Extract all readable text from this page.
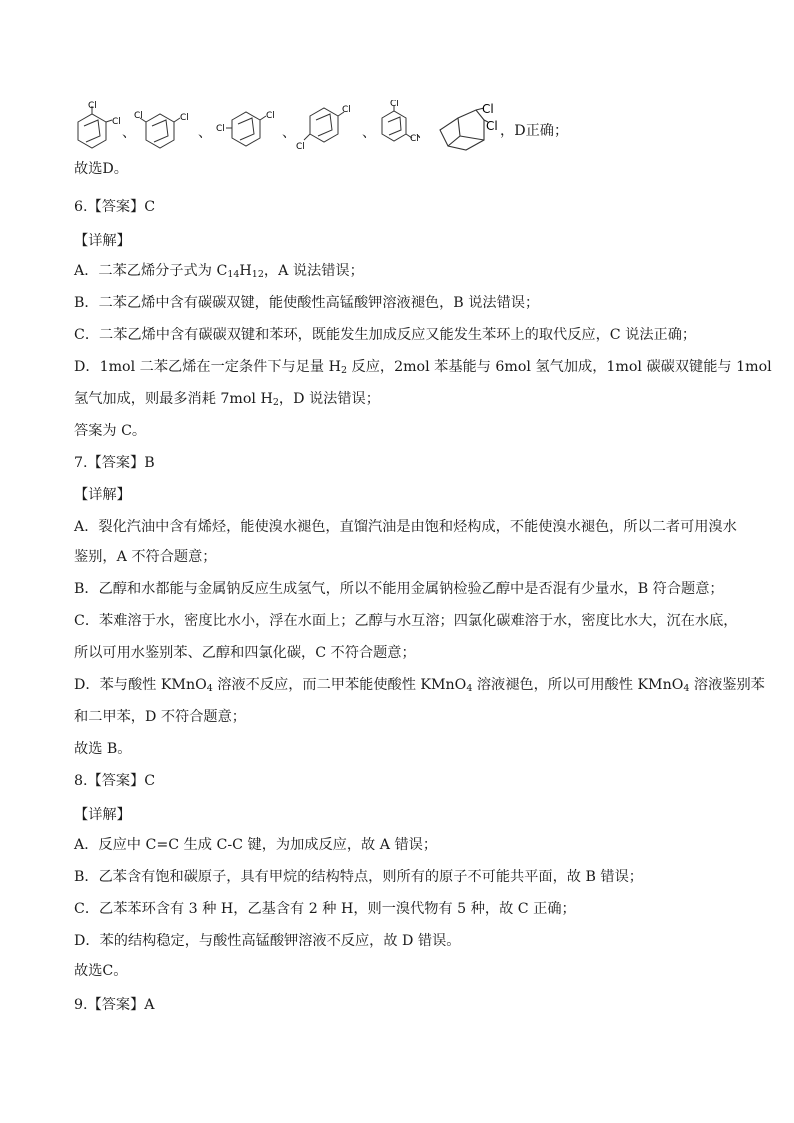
Cl
Cl
、
Cl	Cl
、 Cl
Cl
、
Cl
Cl
、
Cl
Cl
、
Cl
Cl ，D正确；
故选D。
6.【答案】C
【详解】
A．二苯乙烯分子式为 $C_{14}H_{12}$，A 说法错误；
B．二苯乙烯中含有碳碳双键，能使酸性高锰酸钾溶液褪色，B 说法错误；
C．二苯乙烯中含有碳碳双键和苯环，既能发生加成反应又能发生苯环上的取代反应，C 说法正确；
D．1mol 二苯乙烯在一定条件下与足量 $H_2$ 反应，2mol 苯基能与 6mol 氢气加成，1mol 碳碳双键能与 1mol
氢气加成，则最多消耗 7mol $H_2$，D 说法错误；
答案为 C。
7.【答案】B
【详解】
A．裂化汽油中含有烯烃，能使溴水褪色，直馏汽油是由饱和烃构成，不能使溴水褪色，所以二者可用溴水
鉴别，A 不符合题意；
B．乙醇和水都能与金属钠反应生成氢气，所以不能用金属钠检验乙醇中是否混有少量水，B 符合题意；
C．苯难溶于水，密度比水小，浮在水面上；乙醇与水互溶；四氯化碳难溶于水，密度比水大，沉在水底，
所以可用水鉴别苯、乙醇和四氯化碳，C 不符合题意；
D．苯与酸性 KMnO$_4$ 溶液不反应，而二甲苯能使酸性 KMnO$_4$ 溶液褪色，所以可用酸性 KMnO$_4$ 溶液鉴别苯
和二甲苯，D 不符合题意；
故选 B。
8.【答案】C
【详解】
A．反应中 C=C 生成 C-C 键，为加成反应，故 A 错误；
B．乙苯含有饱和碳原子，具有甲烷的结构特点，则所有的原子不可能共平面，故 B 错误；
C．乙苯苯环含有 3 种 H，乙基含有 2 种 H，则一溴代物有 5 种，故 C 正确；
D．苯的结构稳定，与酸性高锰酸钾溶液不反应，故 D 错误。
故选C。
9.【答案】A
